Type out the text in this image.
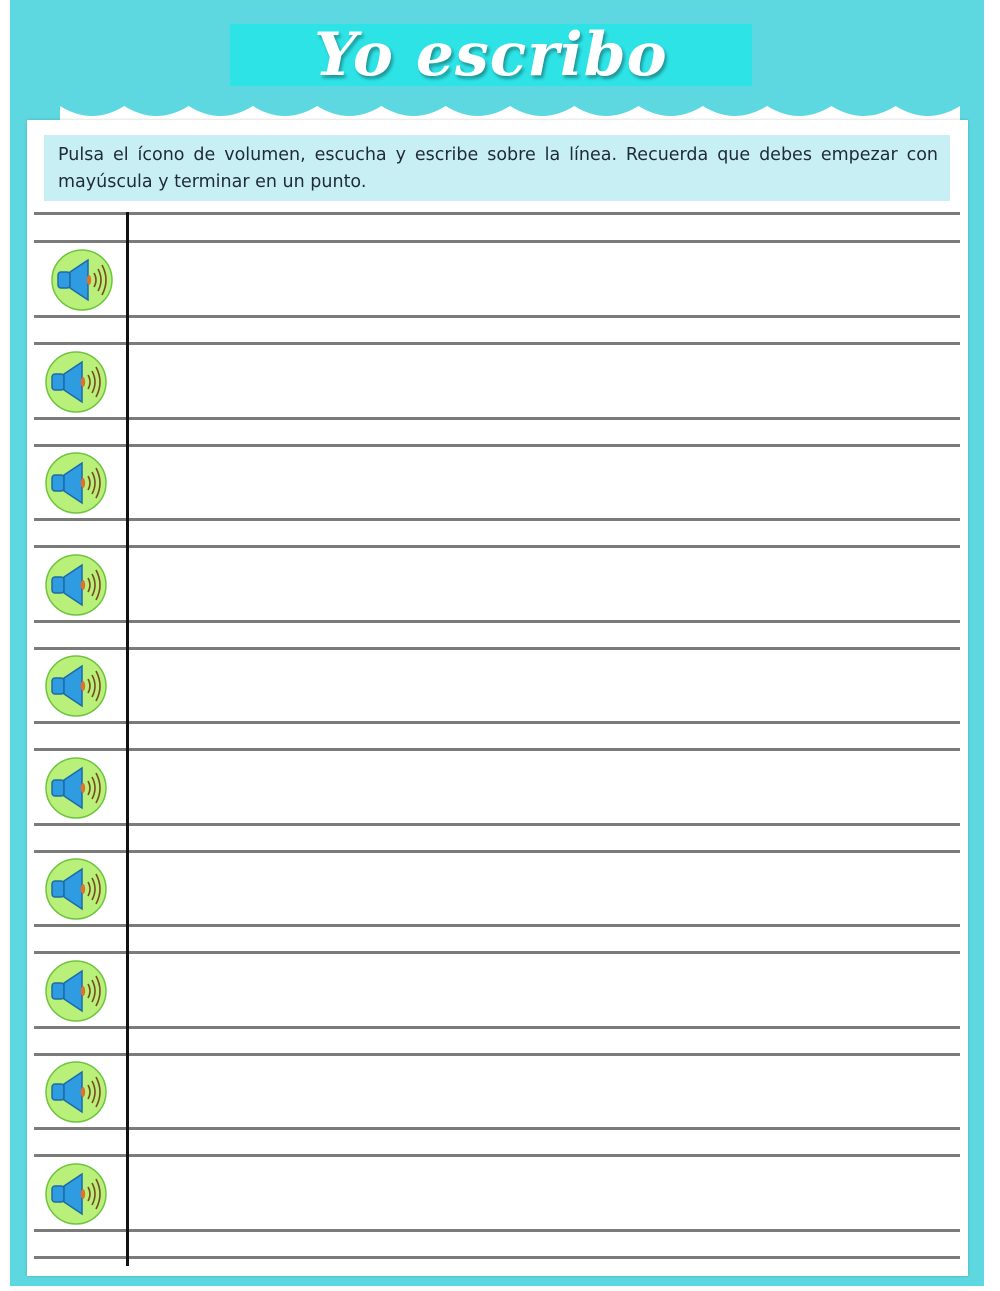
Yo escribo
Pulsa el ícono de volumen, escucha y escribe sobre la línea. Recuerda que debes empezar con mayúscula y terminar en un punto.
